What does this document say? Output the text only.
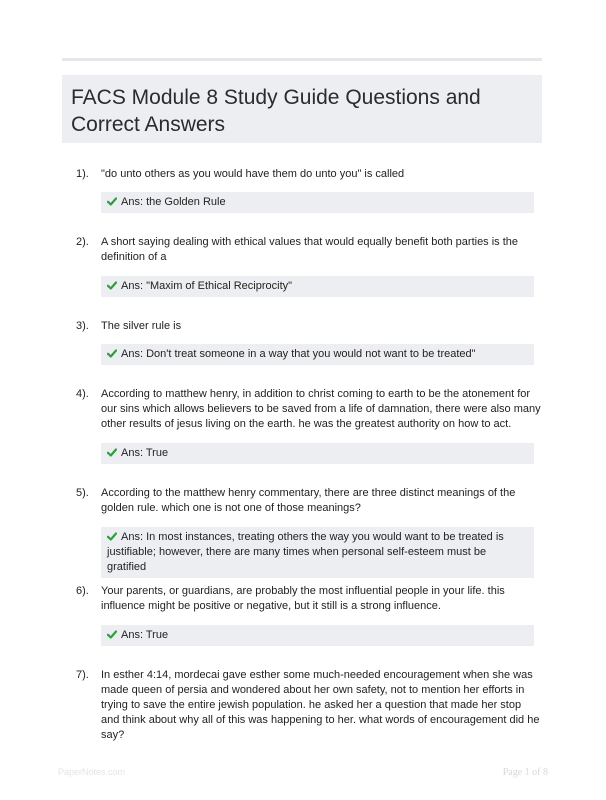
FACS Module 8 Study Guide Questions and Correct Answers
1). "do unto others as you would have them do unto you" is called
Ans: the Golden Rule
2). A short saying dealing with ethical values that would equally benefit both parties is the definition of a
Ans: "Maxim of Ethical Reciprocity"
3). The silver rule is
Ans: Don't treat someone in a way that you would not want to be treated"
4). According to matthew henry, in addition to christ coming to earth to be the atonement for our sins which allows believers to be saved from a life of damnation, there were also many other results of jesus living on the earth. he was the greatest authority on how to act.
Ans: True
5). According to the matthew henry commentary, there are three distinct meanings of the golden rule. which one is not one of those meanings?
Ans: In most instances, treating others the way you would want to be treated is justifiable; however, there are many times when personal self-esteem must be gratified
6). Your parents, or guardians, are probably the most influential people in your life. this influence might be positive or negative, but it still is a strong influence.
Ans: True
7). In esther 4:14, mordecai gave esther some much-needed encouragement when she was made queen of persia and wondered about her own safety, not to mention her efforts in trying to save the entire jewish population. he asked her a question that made her stop and think about why all of this was happening to her. what words of encouragement did he say?
PaperNotes.com	Page 1 of 8
